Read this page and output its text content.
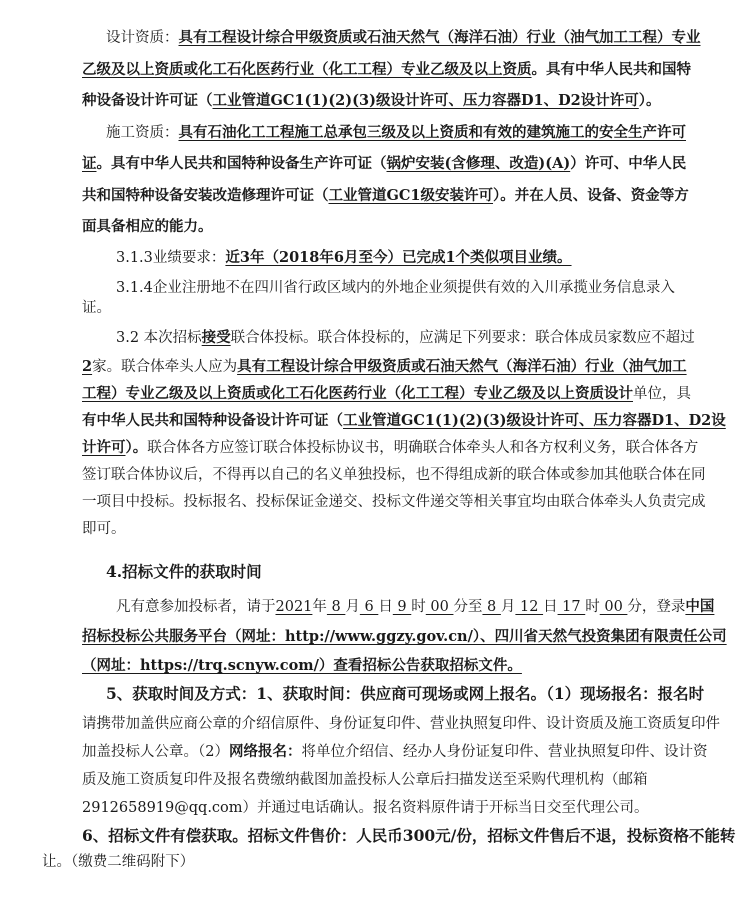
设计资质：具有工程设计综合甲级资质或石油天然气（海洋石油）行业（油气加工工程）专业
乙级及以上资质或化工石化医药行业（化工工程）专业乙级及以上资质。具有中华人民共和国特
种设备设计许可证（工业管道GC1(1)(2)(3)级设计许可、压力容器D1、D2设计许可）。
施工资质：具有石油化工工程施工总承包三级及以上资质和有效的建筑施工的安全生产许可
证。具有中华人民共和国特种设备生产许可证（锅炉安装(含修理、改造)(A)）许可、中华人民
共和国特种设备安装改造修理许可证（工业管道GC1级安装许可）。并在人员、设备、资金等方
面具备相应的能力。
3.1.3业绩要求：近3年（2018年6月至今）已完成1个类似项目业绩。
3.1.4企业注册地不在四川省行政区域内的外地企业须提供有效的入川承揽业务信息录入
证。
3.2 本次招标接受联合体投标。联合体投标的，应满足下列要求：联合体成员家数应不超过
2家。联合体牵头人应为具有工程设计综合甲级资质或石油天然气（海洋石油）行业（油气加工
工程）专业乙级及以上资质或化工石化医药行业（化工工程）专业乙级及以上资质设计单位，具
有中华人民共和国特种设备设计许可证（工业管道GC1(1)(2)(3)级设计许可、压力容器D1、D2设
计许可）。联合体各方应签订联合体投标协议书，明确联合体牵头人和各方权利义务，联合体各方
签订联合体协议后，不得再以自己的名义单独投标，也不得组成新的联合体或参加其他联合体在同
一项目中投标。投标报名、投标保证金递交、投标文件递交等相关事宜均由联合体牵头人负责完成
即可。
4.招标文件的获取时间
凡有意参加投标者，请于2021年 8 月 6 日 9 时 00 分至 8 月 12 日 17 时 00 分，登录中国
招标投标公共服务平台（网址：http://www.ggzy.gov.cn/）、四川省天然气投资集团有限责任公司
（网址：https://trq.scnyw.com/）查看招标公告获取招标文件。
5、获取时间及方式：1、获取时间：供应商可现场或网上报名。（1）现场报名：报名时
请携带加盖供应商公章的介绍信原件、身份证复印件、营业执照复印件、设计资质及施工资质复印件
加盖投标人公章。（2）网络报名：将单位介绍信、经办人身份证复印件、营业执照复印件、设计资
质及施工资质复印件及报名费缴纳截图加盖投标人公章后扫描发送至采购代理机构（邮箱
2912658919@qq.com）并通过电话确认。报名资料原件请于开标当日交至代理公司。
6、招标文件有偿获取。招标文件售价：人民币300元/份，招标文件售后不退，投标资格不能转
让。（缴费二维码附下）
